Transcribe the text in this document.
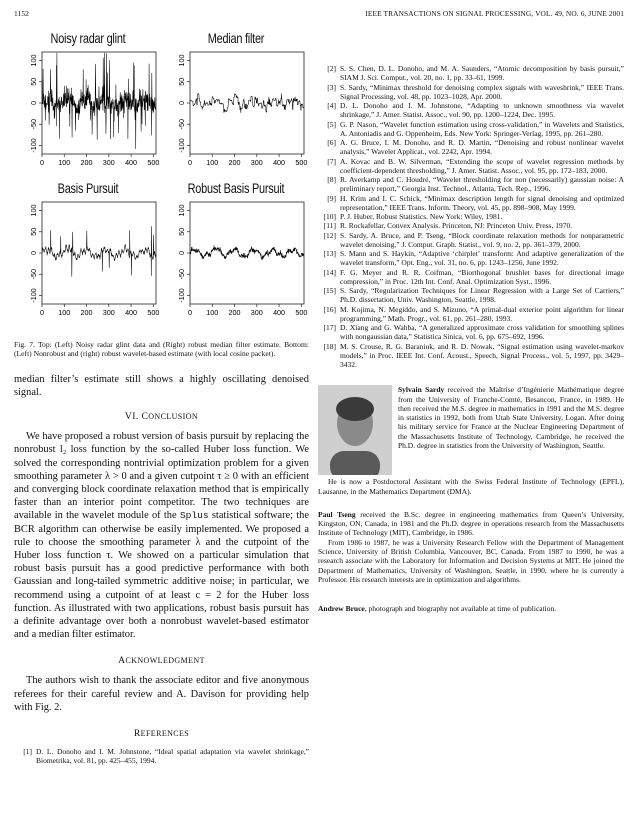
1152	IEEE TRANSACTIONS ON SIGNAL PROCESSING, VOL. 49, NO. 6, JUNE 2001
Noisy radar glint
-100
-50
0
50
100
0 100 200 300 400 500
Median filter
-100
-50
0
50
100
0 100 200 300 400 500
Basis Pursuit
-100
-50
0
50
100
0 100 200 300 400 500
Robust Basis Pursuit
-100
-50
0
50
100
0 100 200 300 400 500
Fig. 7. Top: (Left) Noisy radar glint data and (Right) robust median filter estimate. Bottom: (Left) Nonrobust and (right) robust wavelet-based estimate (with local cosine packet).
median filter’s estimate still shows a highly oscillating denoised signal.
VI. CONCLUSION
We have proposed a robust version of basis pursuit by replacing the nonrobust l₂ loss function by the so-called Huber loss function. We solved the corresponding nontrivial optimization problem for a given smoothing parameter λ > 0 and a given cutpoint τ ≥ 0 with an efficient and converging block coordinate relaxation method that is empirically faster than an interior point competitor. The two techniques are available in the wavelet module of the Splus statistical software; the BCR algorithm can otherwise be easily implemented. We proposed a rule to choose the smoothing parameter λ and the cutpoint of the Huber loss function τ. We showed on a particular simulation that robust basis pursuit has a good predictive performance with both Gaussian and long-tailed symmetric additive noise; in particular, we recommend using a cutpoint of at least c = 2 for the Huber loss function. As illustrated with two applications, robust basis pursuit has a definite advantage over both a nonrobust wavelet-based estimator and a median filter estimator.
ACKNOWLEDGMENT
The authors wish to thank the associate editor and five anonymous referees for their careful review and A. Davison for providing help with Fig. 2.
REFERENCES
[1] D. L. Donoho and I. M. Johnstone, “Ideal spatial adaptation via wavelet shrinkage,” Biometrika, vol. 81, pp. 425–455, 1994.
[2] S. S. Chen, D. L. Donoho, and M. A. Saunders, “Atomic decomposition by basis pursuit,” SIAM J. Sci. Comput., vol. 20, no. 1, pp. 33–61, 1999.
[3] S. Sardy, “Minimax threshold for denoising complex signals with waveshrink,” IEEE Trans. Signal Processing, vol. 48, pp. 1023–1028, Apr. 2000.
[4] D. L. Donoho and I. M. Johnstone, “Adapting to unknown smoothness via wavelet shrinkage,” J. Amer. Statist. Assoc., vol. 90, pp. 1200–1224, Dec. 1995.
[5] G. P. Nason, “Wavelet function estimation using cross-validation,” in Wavelets and Statistics, A. Antoniadis and G. Oppenheim, Eds. New York: Springer-Verlag, 1995, pp. 261–280.
[6] A. G. Bruce, I. M. Donoho, and R. D. Martin, “Denoising and robust nonlinear wavelet analysis,” Wavelet Applicat., vol. 2242, Apr. 1994.
[7] A. Kovac and B. W. Silverman, “Extending the scope of wavelet regression methods by coefficient-dependent thresholding,” J. Amer. Statist. Assoc., vol. 95, pp. 172–183, 2000.
[8] R. Averkamp and C. Houdré, “Wavelet thresholding for non (necessarily) gaussian noise: A preliminary report,” Georgia Inst. Technol., Atlanta, Tech. Rep., 1996.
[9] H. Krim and I. C. Schick, “Minimax description length for signal denoising and optimized representation,” IEEE Trans. Inform. Theory, vol. 45, pp. 898–908, May 1999.
[10] P. J. Huber, Robust Statistics. New York: Wiley, 1981.
[11] R. Rockafellar, Convex Analysis. Princeton, NJ: Princeton Univ. Press, 1970.
[12] S. Sardy, A. Bruce, and P. Tseng, “Block coordinate relaxation methods for nonparametric wavelet denoising,” J. Comput. Graph. Statist., vol. 9, no. 2, pp. 361–379, 2000.
[13] S. Mann and S. Haykin, “Adaptive ‘chirplet’ transform: And adaptive generalization of the wavelet transform,” Opt. Eng., vol. 31, no. 6, pp. 1243–1256, June 1992.
[14] F. G. Meyer and R. R. Coifman, “Biorthogonal brushlet bases for directional image compression,” in Proc. 12th Int. Conf. Anal. Optimization Syst., 1996.
[15] S. Sardy, “Regularization Techniques for Linear Regression with a Large Set of Carriers,” Ph.D. dissertation, Univ. Washington, Seattle, 1998.
[16] M. Kojima, N. Megiddo, and S. Mizuno, “A primal-dual exterior point algorithm for linear programming,” Math. Progr., vol. 61, pp. 261–280, 1993.
[17] D. Xiang and G. Wahba, “A generalized approximate cross validation for smoothing splines with nongaussian data,” Statistica Sinica, vol. 6, pp. 675–692, 1996.
[18] M. S. Crouse, R. G. Baraniuk, and R. D. Nowak, “Signal estimation using wavelet-markov models,” in Proc. IEEE Int. Conf. Acoust., Speech, Signal Process., vol. 5, 1997, pp. 3429–3432.
Sylvain Sardy received the Maîtrise d’Ingénierie Mathématique degree from the University of Franche-Comté, Besancon, France, in 1989. He then received the M.S. degree in mathematics in 1991 and the M.S. degree in statistics in 1992, both from Utah State University, Logan. After doing his military service for France at the Nuclear Engineering Department of the Massachusetts Institute of Technology, Cambridge, he received the Ph.D. degree in statistics from the University of Washington, Seattle.
He is now a Postdoctoral Assistant with the Swiss Federal Institute of Technology (EPFL), Lausanne, in the Mathematics Department (DMA).
Paul Tseng received the B.Sc. degree in engineering mathematics from Queen’s University, Kingston, ON, Canada, in 1981 and the Ph.D. degree in operations research from the Massachusetts Institute of Technology (MIT), Cambridge, in 1986.
From 1986 to 1987, he was a University Research Fellow with the Department of Management Science, University of British Columbia, Vancouver, BC, Canada. From 1987 to 1990, he was a research associate with the Laboratory for Information and Decision Systems at MIT. He joined the Department of Mathematics, University of Washington, Seattle, in 1990, where he is currently a Professor. His research interests are in optimization and algorithms.
Andrew Bruce, photograph and biography not available at time of publication.
